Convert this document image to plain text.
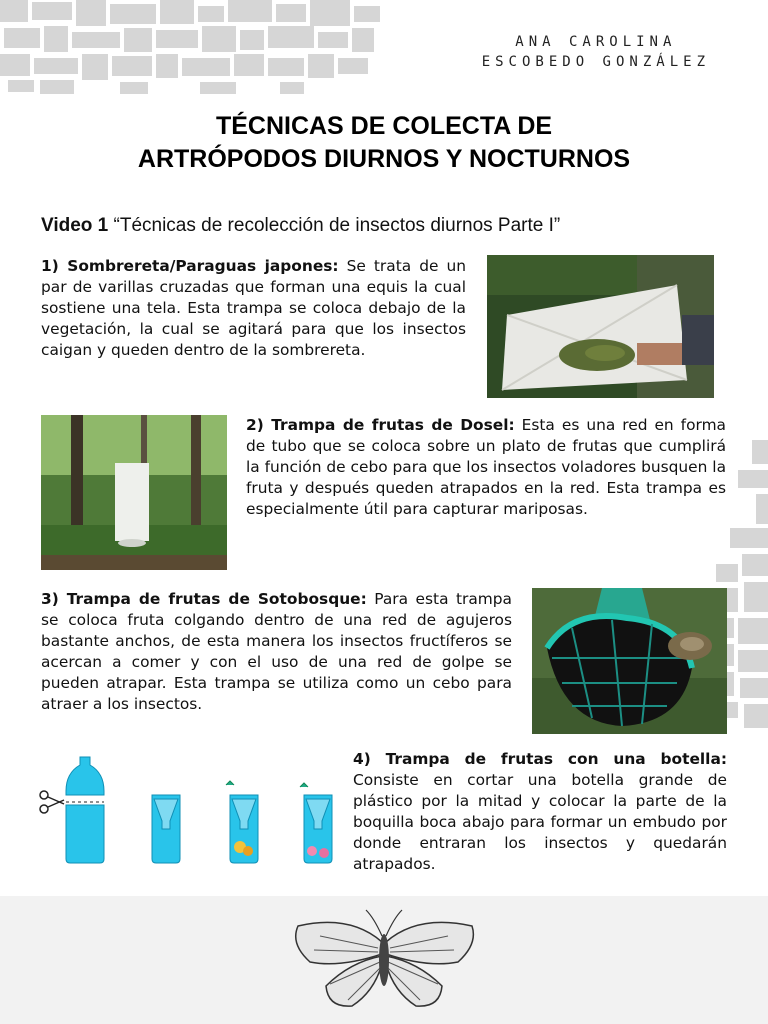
ANA CAROLINA
ESCOBEDO GONZÁLEZ
TÉCNICAS DE COLECTA DE
ARTRÓPODOS DIURNOS Y NOCTURNOS
Video 1 “Técnicas de recolección de insectos diurnos Parte I”
1) Sombrereta/Paraguas japones: Se trata de un par de varillas cruzadas que forman una equis la cual sostiene una tela. Esta trampa se coloca debajo de la vegetación, la cual se agitará para que los insectos caigan y queden dentro de la sombrereta.
2) Trampa de frutas de Dosel: Esta es una red en forma de tubo que se coloca sobre un plato de frutas que cumplirá la función de cebo para que los insectos voladores busquen la fruta y después queden atrapados en la red. Esta trampa es especialmente útil para capturar mariposas.
3) Trampa de frutas de Sotobosque: Para esta trampa se coloca fruta colgando dentro de una red de agujeros bastante anchos, de esta manera los insectos fructíferos se acercan a comer y con el uso de una red de golpe se pueden atrapar. Esta trampa se utiliza como un cebo para atraer a los insectos.
4) Trampa de frutas con una botella: Consiste en cortar una botella grande de plástico por la mitad y colocar la parte de la boquilla boca abajo para formar un embudo por donde entraran los insectos y quedarán atrapados.
